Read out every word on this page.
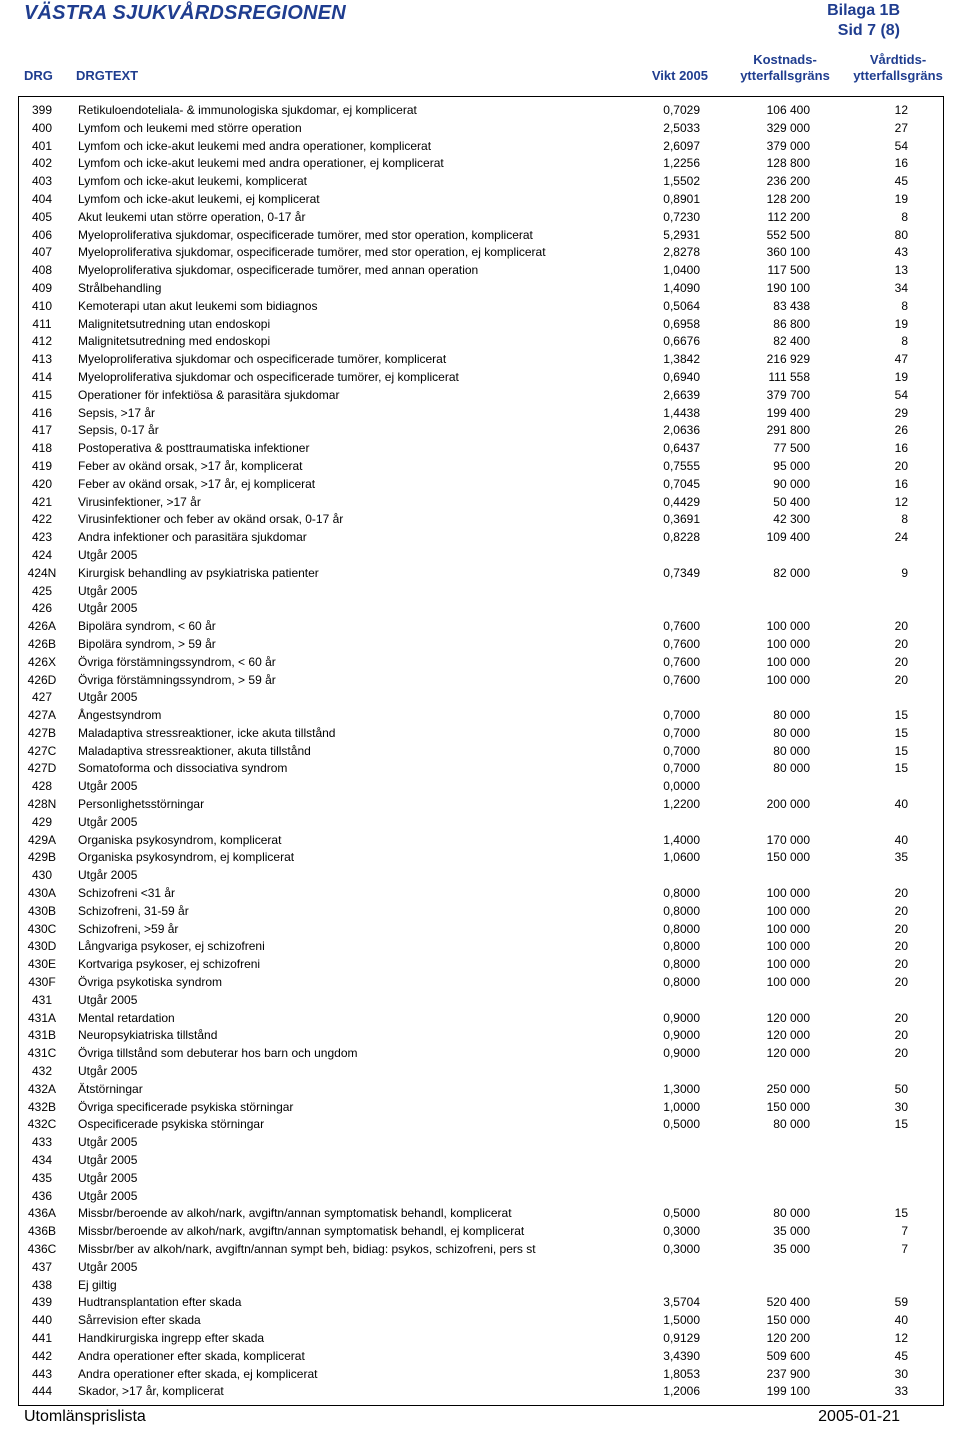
VÄSTRA SJUKVÅRDSREGIONEN	Bilaga 1B
Sid 7 (8)
DRG DRGTEXT	Vikt 2005
Kostnads-
ytterfallsgräns
Vårdtids-
ytterfallsgräns
399	Retikuloendoteliala- & immunologiska sjukdomar, ej komplicerat	0,7029	106 400	12
400	Lymfom och leukemi med större operation	2,5033	329 000	27
401	Lymfom och icke-akut leukemi med andra operationer, komplicerat	2,6097	379 000	54
402	Lymfom och icke-akut leukemi med andra operationer, ej komplicerat	1,2256	128 800	16
403	Lymfom och icke-akut leukemi, komplicerat	1,5502	236 200	45
404	Lymfom och icke-akut leukemi, ej komplicerat	0,8901	128 200	19
405	Akut leukemi utan större operation, 0-17 år	0,7230	112 200	8
406	Myeloproliferativa sjukdomar, ospecificerade tumörer, med stor operation, komplicerat	5,2931	552 500	80
407	Myeloproliferativa sjukdomar, ospecificerade tumörer, med stor operation, ej komplicerat	2,8278	360 100	43
408	Myeloproliferativa sjukdomar, ospecificerade tumörer, med annan operation	1,0400	117 500	13
409	Strålbehandling	1,4090	190 100	34
410	Kemoterapi utan akut leukemi som bidiagnos	0,5064	83 438	8
411	Malignitetsutredning utan endoskopi	0,6958	86 800	19
412	Malignitetsutredning med endoskopi	0,6676	82 400	8
413	Myeloproliferativa sjukdomar och ospecificerade tumörer, komplicerat	1,3842	216 929	47
414	Myeloproliferativa sjukdomar och ospecificerade tumörer, ej komplicerat	0,6940	111 558	19
415	Operationer för infektiösa & parasitära sjukdomar	2,6639	379 700	54
416	Sepsis, >17 år	1,4438	199 400	29
417	Sepsis, 0-17 år	2,0636	291 800	26
418	Postoperativa & posttraumatiska infektioner	0,6437	77 500	16
419	Feber av okänd orsak, >17 år, komplicerat	0,7555	95 000	20
420	Feber av okänd orsak, >17 år, ej komplicerat	0,7045	90 000	16
421	Virusinfektioner, >17 år	0,4429	50 400	12
422	Virusinfektioner och feber av okänd orsak, 0-17 år	0,3691	42 300	8
423	Andra infektioner och parasitära sjukdomar	0,8228	109 400	24
424	Utgår 2005
424N	Kirurgisk behandling av psykiatriska patienter	0,7349	82 000	9
425	Utgår 2005
426	Utgår 2005
426A	Bipolära syndrom, < 60 år	0,7600	100 000	20
426B	Bipolära syndrom, > 59 år	0,7600	100 000	20
426X	Övriga förstämningssyndrom, < 60 år	0,7600	100 000	20
426D	Övriga förstämningssyndrom, > 59 år	0,7600	100 000	20
427	Utgår 2005
427A	Ångestsyndrom	0,7000	80 000	15
427B	Maladaptiva stressreaktioner, icke akuta tillstånd	0,7000	80 000	15
427C	Maladaptiva stressreaktioner, akuta tillstånd	0,7000	80 000	15
427D	Somatoforma och dissociativa syndrom	0,7000	80 000	15
428	Utgår 2005	0,0000
428N	Personlighetsstörningar	1,2200	200 000	40
429	Utgår 2005
429A	Organiska psykosyndrom, komplicerat	1,4000	170 000	40
429B	Organiska psykosyndrom, ej komplicerat	1,0600	150 000	35
430	Utgår 2005
430A	Schizofreni <31 år	0,8000	100 000	20
430B	Schizofreni, 31-59 år	0,8000	100 000	20
430C	Schizofreni, >59 år	0,8000	100 000	20
430D	Långvariga psykoser, ej schizofreni	0,8000	100 000	20
430E	Kortvariga psykoser, ej schizofreni	0,8000	100 000	20
430F	Övriga psykotiska syndrom	0,8000	100 000	20
431	Utgår 2005
431A	Mental retardation	0,9000	120 000	20
431B	Neuropsykiatriska tillstånd	0,9000	120 000	20
431C	Övriga tillstånd som debuterar hos barn och ungdom	0,9000	120 000	20
432	Utgår 2005
432A	Ätstörningar	1,3000	250 000	50
432B	Övriga specificerade psykiska störningar	1,0000	150 000	30
432C	Ospecificerade psykiska störningar	0,5000	80 000	15
433	Utgår 2005
434	Utgår 2005
435	Utgår 2005
436	Utgår 2005
436A	Missbr/beroende av alkoh/nark, avgiftn/annan symptomatisk behandl, komplicerat	0,5000	80 000	15
436B	Missbr/beroende av alkoh/nark, avgiftn/annan symptomatisk behandl, ej komplicerat	0,3000	35 000	7
436C	Missbr/ber av alkoh/nark, avgiftn/annan sympt beh, bidiag: psykos, schizofreni, pers st	0,3000	35 000	7
437	Utgår 2005
438	Ej giltig
439	Hudtransplantation efter skada	3,5704	520 400	59
440	Sårrevision efter skada	1,5000	150 000	40
441	Handkirurgiska ingrepp efter skada	0,9129	120 200	12
442	Andra operationer efter skada, komplicerat	3,4390	509 600	45
443	Andra operationer efter skada, ej komplicerat	1,8053	237 900	30
444	Skador, >17 år, komplicerat	1,2006	199 100	33
Utomlänsprislista	2005-01-21
